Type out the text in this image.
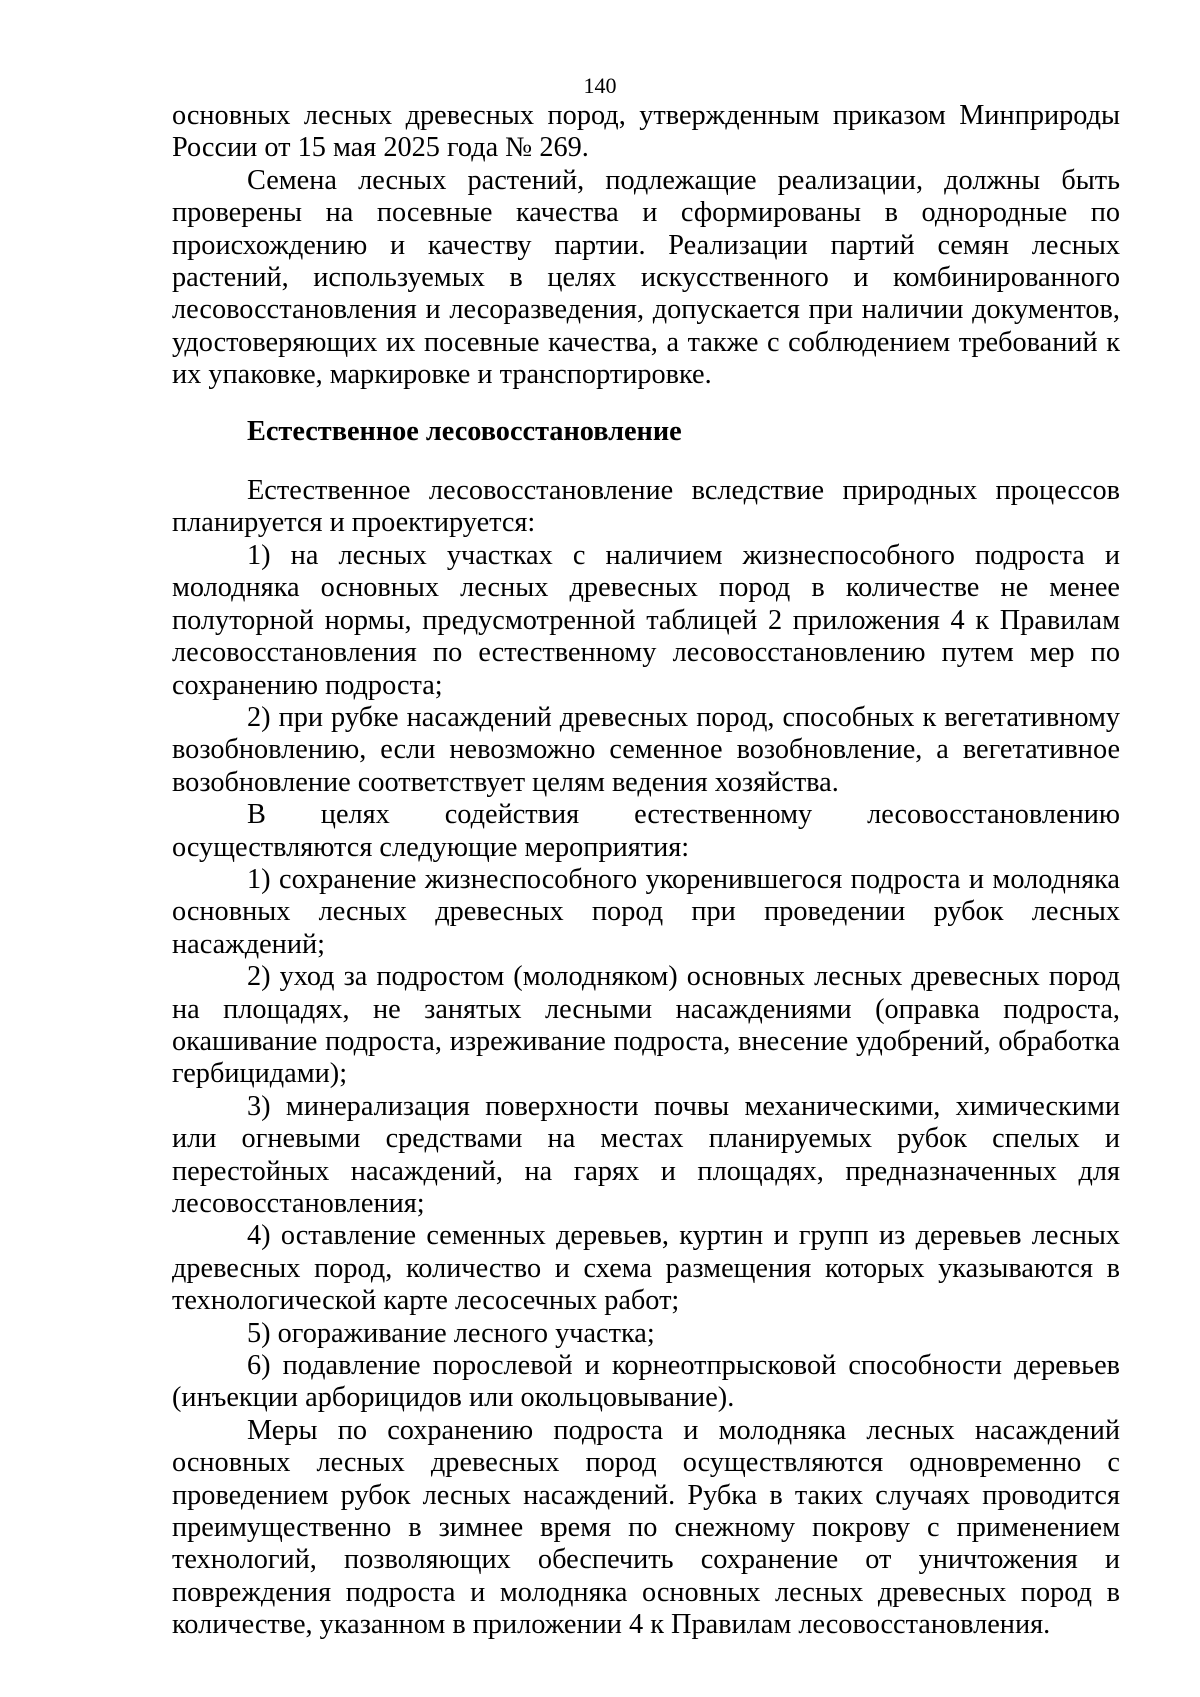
140

основных лесных древесных пород, утвержденным приказом Минприроды России от 15 мая 2025 года № 269.

Семена лесных растений, подлежащие реализации, должны быть проверены на посевные качества и сформированы в однородные по происхождению и качеству партии. Реализации партий семян лесных растений, используемых в целях искусственного и комбинированного лесовосстановления и лесоразведения, допускается при наличии документов, удостоверяющих их посевные качества, а также с соблюдением требований к их упаковке, маркировке и транспортировке.

Естественное лесовосстановление

Естественное лесовосстановление вследствие природных процессов планируется и проектируется:

1) на лесных участках с наличием жизнеспособного подроста и молодняка основных лесных древесных пород в количестве не менее полуторной нормы, предусмотренной таблицей 2 приложения 4 к Правилам лесовосстановления по естественному лесовосстановлению путем мер по сохранению подроста;

2) при рубке насаждений древесных пород, способных к вегетативному возобновлению, если невозможно семенное возобновление, а вегетативное возобновление соответствует целям ведения хозяйства.

В целях содействия естественному лесовосстановлению

осуществляются следующие мероприятия:

1) сохранение жизнеспособного укоренившегося подроста и молодняка основных лесных древесных пород при проведении рубок лесных насаждений;

2) уход за подростом (молодняком) основных лесных древесных пород на площадях, не занятых лесными насаждениями (оправка подроста, окашивание подроста, изреживание подроста, внесение удобрений, обработка гербицидами);

3) минерализация поверхности почвы механическими, химическими или огневыми средствами на местах планируемых рубок спелых и перестойных насаждений, на гарях и площадях, предназначенных для лесовосстановления;

4) оставление семенных деревьев, куртин и групп из деревьев лесных древесных пород, количество и схема размещения которых указываются в технологической карте лесосечных работ;

5) огораживание лесного участка;

6) подавление порослевой и корнеотпрысковой способности деревьев (инъекции арборицидов или окольцовывание).

Меры по сохранению подроста и молодняка лесных насаждений основных лесных древесных пород осуществляются одновременно с проведением рубок лесных насаждений. Рубка в таких случаях проводится преимущественно в зимнее время по снежному покрову с применением технологий, позволяющих обеспечить сохранение от уничтожения и повреждения подроста и молодняка основных лесных древесных пород в количестве, указанном в приложении 4 к Правилам лесовосстановления.
